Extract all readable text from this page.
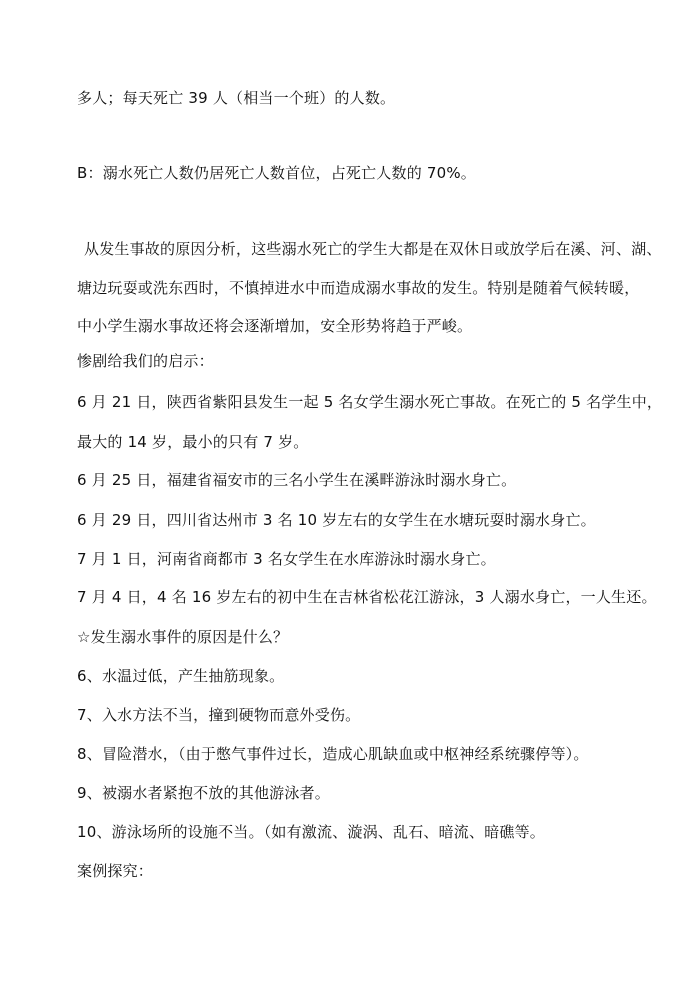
多人；每天死亡 39 人（相当一个班）的人数。
B：溺水死亡人数仍居死亡人数首位，占死亡人数的 70%。
从发生事故的原因分析，这些溺水死亡的学生大都是在双休日或放学后在溪、河、湖、
塘边玩耍或洗东西时，不慎掉进水中而造成溺水事故的发生。特别是随着气候转暖，
中小学生溺水事故还将会逐渐增加，安全形势将趋于严峻。
惨剧给我们的启示：
6 月 21 日，陕西省紫阳县发生一起 5 名女学生溺水死亡事故。在死亡的 5 名学生中，
最大的 14 岁，最小的只有 7 岁。
6 月 25 日，福建省福安市的三名小学生在溪畔游泳时溺水身亡。
6 月 29 日，四川省达州市 3 名 10 岁左右的女学生在水塘玩耍时溺水身亡。
7 月 1 日，河南省商都市 3 名女学生在水库游泳时溺水身亡。
7 月 4 日，4 名 16 岁左右的初中生在吉林省松花江游泳，3 人溺水身亡，一人生还。
☆发生溺水事件的原因是什么？
6、水温过低，产生抽筋现象。
7、入水方法不当，撞到硬物而意外受伤。
8、冒险潜水，（由于憋气事件过长，造成心肌缺血或中枢神经系统骤停等）。
9、被溺水者紧抱不放的其他游泳者。
10、游泳场所的设施不当。（如有激流、漩涡、乱石、暗流、暗礁等。
案例探究：
